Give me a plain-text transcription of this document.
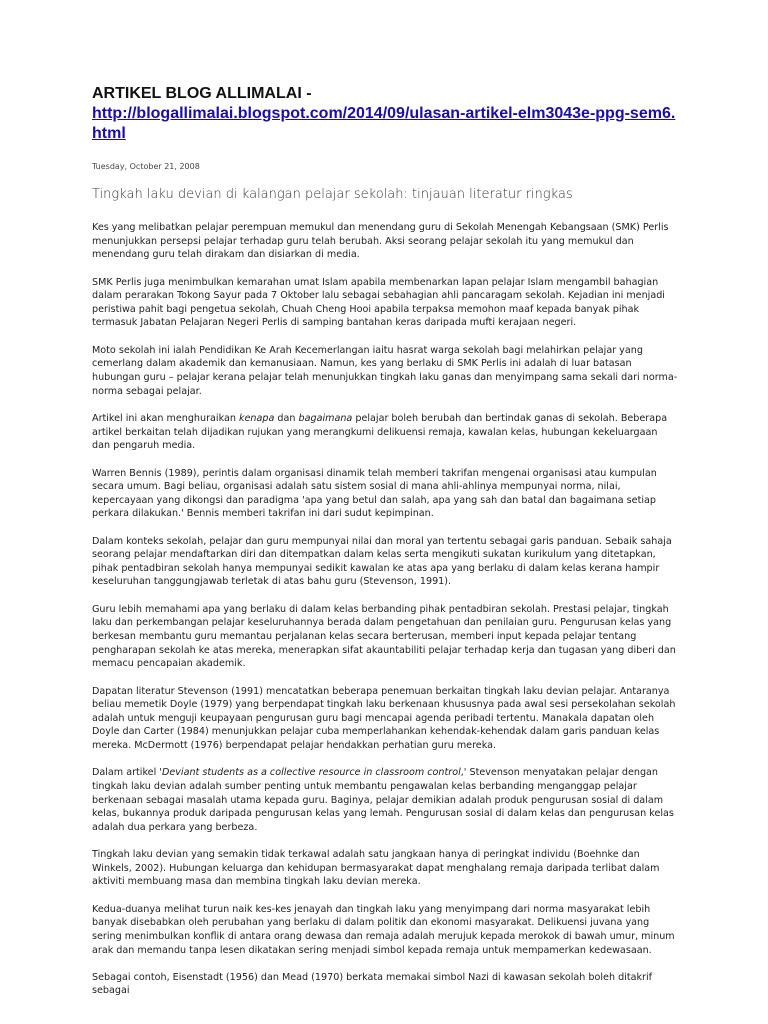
ARTIKEL BLOG ALLIMALAI -
http://blogallimalai.blogspot.com/2014/09/ulasan-artikel-elm3043e-ppg-sem6.html
Tuesday, October 21, 2008
Tingkah laku devian di kalangan pelajar sekolah: tinjauan literatur ringkas

Kes yang melibatkan pelajar perempuan memukul dan menendang guru di Sekolah Menengah Kebangsaan (SMK) Perlis menunjukkan persepsi pelajar terhadap guru telah berubah. Aksi seorang pelajar sekolah itu yang memukul dan menendang guru telah dirakam dan disiarkan di media.

SMK Perlis juga menimbulkan kemarahan umat Islam apabila membenarkan lapan pelajar Islam mengambil bahagian dalam perarakan Tokong Sayur pada 7 Oktober lalu sebagai sebahagian ahli pancaragam sekolah. Kejadian ini menjadi peristiwa pahit bagi pengetua sekolah, Chuah Cheng Hooi apabila terpaksa memohon maaf kepada banyak pihak termasuk Jabatan Pelajaran Negeri Perlis di samping bantahan keras daripada mufti kerajaan negeri.

Moto sekolah ini ialah Pendidikan Ke Arah Kecemerlangan iaitu hasrat warga sekolah bagi melahirkan pelajar yang cemerlang dalam akademik dan kemanusiaan. Namun, kes yang berlaku di SMK Perlis ini adalah di luar batasan hubungan guru – pelajar kerana pelajar telah menunjukkan tingkah laku ganas dan menyimpang sama sekali dari norma-norma sebagai pelajar.

Artikel ini akan menghuraikan kenapa dan bagaimana pelajar boleh berubah dan bertindak ganas di sekolah. Beberapa artikel berkaitan telah dijadikan rujukan yang merangkumi delikuensi remaja, kawalan kelas, hubungan kekeluargaan dan pengaruh media.

Warren Bennis (1989), perintis dalam organisasi dinamik telah memberi takrifan mengenai organisasi atau kumpulan secara umum. Bagi beliau, organisasi adalah satu sistem sosial di mana ahli-ahlinya mempunyai norma, nilai, kepercayaan yang dikongsi dan paradigma 'apa yang betul dan salah, apa yang sah dan batal dan bagaimana setiap perkara dilakukan.' Bennis memberi takrifan ini dari sudut kepimpinan.

Dalam konteks sekolah, pelajar dan guru mempunyai nilai dan moral yan tertentu sebagai garis panduan. Sebaik sahaja seorang pelajar mendaftarkan diri dan ditempatkan dalam kelas serta mengikuti sukatan kurikulum yang ditetapkan, pihak pentadbiran sekolah hanya mempunyai sedikit kawalan ke atas apa yang berlaku di dalam kelas kerana hampir keseluruhan tanggungjawab terletak di atas bahu guru (Stevenson, 1991).

Guru lebih memahami apa yang berlaku di dalam kelas berbanding pihak pentadbiran sekolah. Prestasi pelajar, tingkah laku dan perkembangan pelajar keseluruhannya berada dalam pengetahuan dan penilaian guru. Pengurusan kelas yang berkesan membantu guru memantau perjalanan kelas secara berterusan, memberi input kepada pelajar tentang pengharapan sekolah ke atas mereka, menerapkan sifat akauntabiliti pelajar terhadap kerja dan tugasan yang diberi dan memacu pencapaian akademik.

Dapatan literatur Stevenson (1991) mencatatkan beberapa penemuan berkaitan tingkah laku devian pelajar. Antaranya beliau memetik Doyle (1979) yang berpendapat tingkah laku berkenaan khususnya pada awal sesi persekolahan sekolah adalah untuk menguji keupayaan pengurusan guru bagi mencapai agenda peribadi tertentu. Manakala dapatan oleh Doyle dan Carter (1984) menunjukkan pelajar cuba memperlahankan kehendak-kehendak dalam garis panduan kelas mereka. McDermott (1976) berpendapat pelajar hendakkan perhatian guru mereka.

Dalam artikel 'Deviant students as a collective resource in classroom control,' Stevenson menyatakan pelajar dengan tingkah laku devian adalah sumber penting untuk membantu pengawalan kelas berbanding menganggap pelajar berkenaan sebagai masalah utama kepada guru. Baginya, pelajar demikian adalah produk pengurusan sosial di dalam kelas, bukannya produk daripada pengurusan kelas yang lemah. Pengurusan sosial di dalam kelas dan pengurusan kelas adalah dua perkara yang berbeza.

Tingkah laku devian yang semakin tidak terkawal adalah satu jangkaan hanya di peringkat individu (Boehnke dan Winkels, 2002). Hubungan keluarga dan kehidupan bermasyarakat dapat menghalang remaja daripada terlibat dalam aktiviti membuang masa dan membina tingkah laku devian mereka.

Kedua-duanya melihat turun naik kes-kes jenayah dan tingkah laku yang menyimpang dari norma masyarakat lebih banyak disebabkan oleh perubahan yang berlaku di dalam politik dan ekonomi masyarakat. Delikuensi juvana yang sering menimbulkan konflik di antara orang dewasa dan remaja adalah merujuk kepada merokok di bawah umur, minum arak dan memandu tanpa lesen dikatakan sering menjadi simbol kepada remaja untuk mempamerkan kedewasaan.

Sebagai contoh, Eisenstadt (1956) dan Mead (1970) berkata memakai simbol Nazi di kawasan sekolah boleh ditakrif sebagai
